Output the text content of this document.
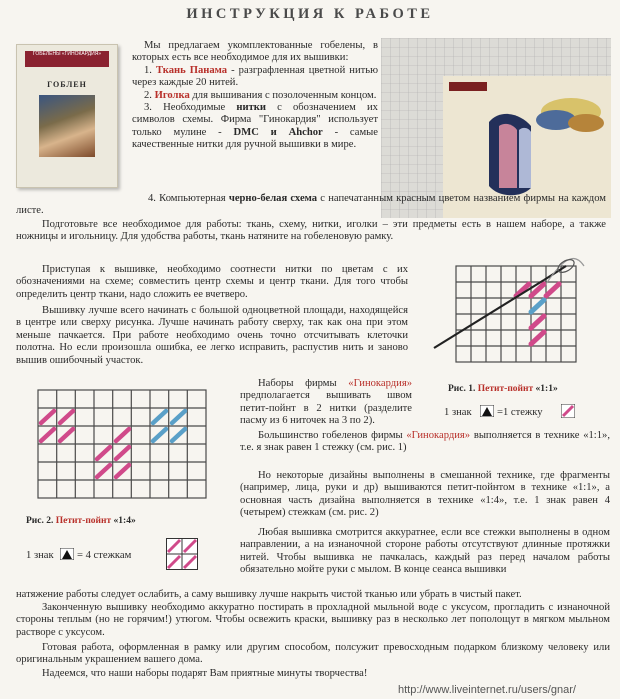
ИНСТРУКЦИЯ К РАБОТЕ
ГОБЕЛЕНЫ «ГИНОКАРДИЯ»
ГОБЛЕН
Мы предлагаем укомплектованные гобелены, в которых есть все необходимое для их вышивки:
1. Ткань Панама - разграфленная цветной нитью через каждые 20 нитей.
2. Иголка для вышивания с позолоченным концом.
3. Необходимые нитки с обозначением их символов схемы. Фирма "Гинокардия" использует только мулине - DMC и Ahchor - самые качественные нитки для ручной вышивки в мире.
4. Компьютерная черно-белая схема с напечатанным красным цветом названием фирмы на каждом листе.
Подготовьте все необходимое для работы: ткань, схему, нитки, иголки – эти предметы есть в нашем наборе, а также ножницы и игольницу. Для удобства работы, ткань натяните на гобеленовую рамку.
Приступая к вышивке, необходимо соотнести нитки по цветам с их обозначениями на схеме; совместить центр схемы и центр ткани. Для того чтобы определить центр ткани, надо сложить ее вчетверо.
Вышивку лучше всего начинать с большой одноцветной площади, находящейся в центре или сверху рисунка. Лучше начинать работу сверху, так как она при этом меньше пачкается. При работе необходимо очень точно отсчитывать клеточки полотна. Но если произошла ошибка, ее легко исправить, распустив нить и заново вышив ошибочный участок.
Рис. 1. Петит-пойнт «1:1»
1 знак =1 стежку
Рис. 2. Петит-пойнт «1:4»
1 знак = 4 стежкам
Наборы фирмы «Гинокардия» предполагается вышивать швом петит-пойнт в 2 нитки (разделите пасму из 6 ниточек на 3 по 2).
Большинство гобеленов фирмы «Гинокардия» выполняется в технике «1:1», т.е. я знак равен 1 стежку (см. рис. 1)
Но некоторые дизайны выполнены в смешанной технике, где фрагменты (например, лица, руки и др) вышиваются петит-пойнтом в технике «1:1», а основная часть дизайна выполняется в технике «1:4», т.е. 1 знак равен 4 (четырем) стежкам (см. рис. 2)
Любая вышивка смотрится аккуратнее, если все стежки выполнены в одном направлении, а на изнаночной стороне работы отсутствуют длинные протяжки нитей. Чтобы вышивка не пачкалась, каждый раз перед началом работы обязательно мойте руки с мылом. В конце сеанса вышивки
натяжение работы следует ослабить, а саму вышивку лучше накрыть чистой тканью или убрать в чистый пакет.
Законченную вышивку необходимо аккуратно постирать в прохладной мыльной воде с уксусом, прогладить с изнаночной стороны теплым (но не горячим!) утюгом. Чтобы освежить краски, вышивку раз в несколько лет пополощут в мягком мыльном растворе с уксусом.
Готовая работа, оформленная в рамку или другим способом, полсужит превосходным подарком близкому человеку или оригинальным украшением вашего дома.
Надеемся, что наши наборы подарят Вам приятные минуты творчества!
http://www.liveinternet.ru/users/gnar/
